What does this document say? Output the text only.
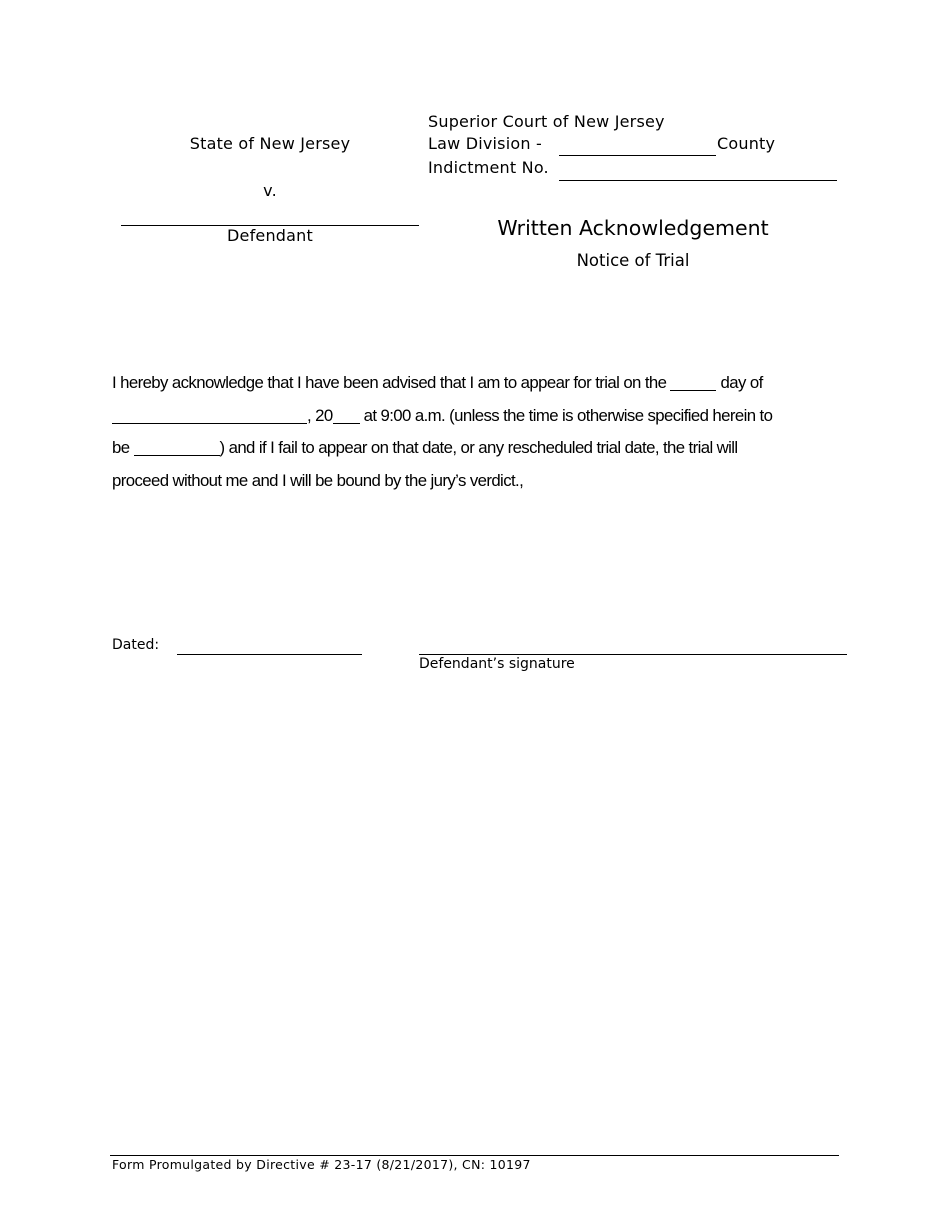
State of New Jersey
v.
Defendant
Superior Court of New Jersey
Law Division -	County
Indictment No.
Written Acknowledgement
Notice of Trial
I hereby acknowledge that I have been advised that I am to appear for trial on the	day of
, 20 at 9:00 a.m. (unless the time is otherwise specified herein to
be	) and if I fail to appear on that date, or any rescheduled trial date, the trial will
proceed without me and I will be bound by the jury’s verdict.,
Dated:
Defendant’s signature
Form Promulgated by Directive # 23-17 (8/21/2017), CN: 10197
